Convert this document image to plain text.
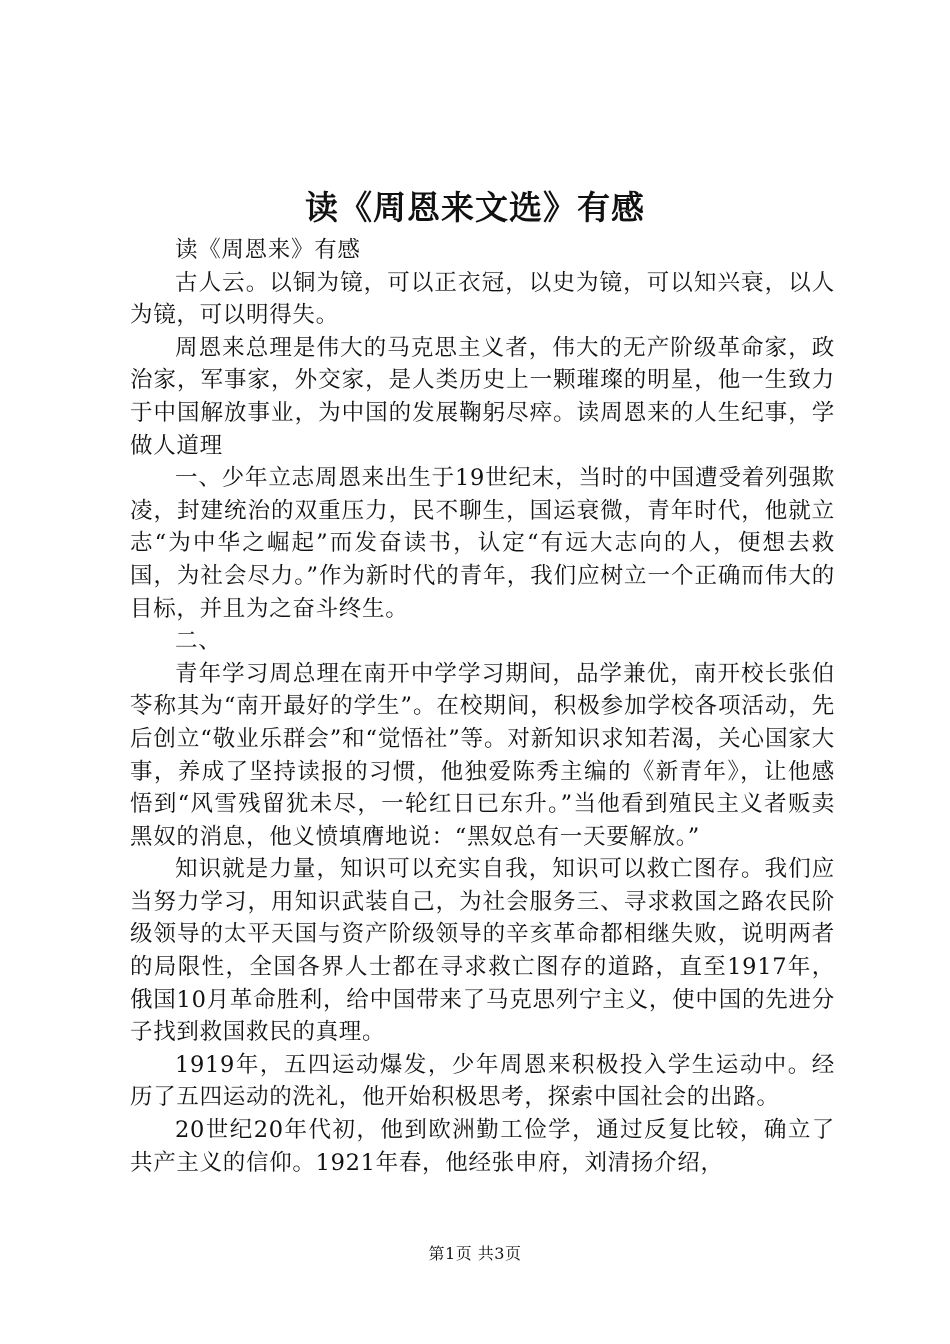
读《周恩来文选》有感

读《周恩来》有感

古人云。以铜为镜，可以正衣冠，以史为镜，可以知兴衰，以人为镜，可以明得失。

周恩来总理是伟大的马克思主义者，伟大的无产阶级革命家，政治家，军事家，外交家，是人类历史上一颗璀璨的明星，他一生致力于中国解放事业，为中国的发展鞠躬尽瘁。读周恩来的人生纪事，学做人道理

一、少年立志周恩来出生于19世纪末，当时的中国遭受着列强欺凌，封建统治的双重压力，民不聊生，国运衰微，青年时代，他就立志“为中华之崛起”而发奋读书，认定“有远大志向的人，便想去救国，为社会尽力。”作为新时代的青年，我们应树立一个正确而伟大的目标，并且为之奋斗终生。

二、

青年学习周总理在南开中学学习期间，品学兼优，南开校长张伯苓称其为“南开最好的学生”。在校期间，积极参加学校各项活动，先后创立“敬业乐群会”和“觉悟社”等。对新知识求知若渴，关心国家大事，养成了坚持读报的习惯，他独爱陈秀主编的《新青年》，让他感悟到“风雪残留犹未尽，一轮红日已东升。”当他看到殖民主义者贩卖黑奴的消息，他义愤填膺地说：“黑奴总有一天要解放。”

知识就是力量，知识可以充实自我，知识可以救亡图存。我们应当努力学习，用知识武装自己，为社会服务三、寻求救国之路农民阶级领导的太平天国与资产阶级领导的辛亥革命都相继失败，说明两者的局限性，全国各界人士都在寻求救亡图存的道路，直至1917年，俄国10月革命胜利，给中国带来了马克思列宁主义，使中国的先进分子找到救国救民的真理。

1919年，五四运动爆发，少年周恩来积极投入学生运动中。经历了五四运动的洗礼，他开始积极思考，探索中国社会的出路。

20世纪20年代初，他到欧洲勤工俭学，通过反复比较，确立了共产主义的信仰。1921年春，他经张申府，刘清扬介绍，

第1页 共3页
